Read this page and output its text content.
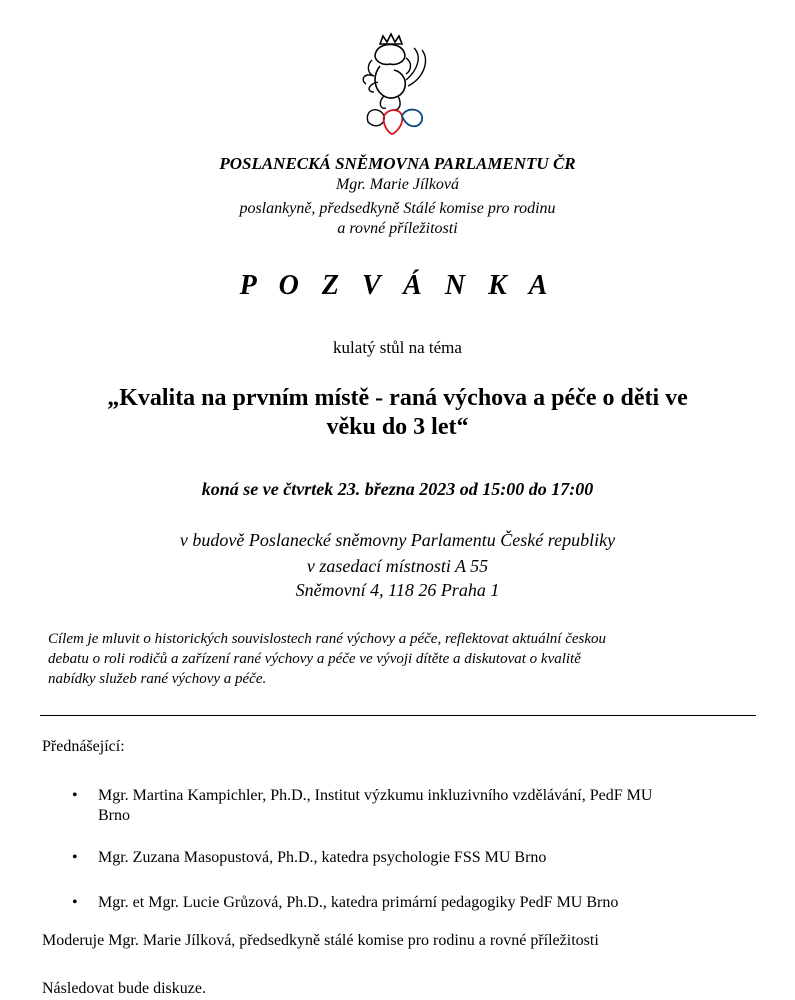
POSLANECKÁ SNĚMOVNA PARLAMENTU ČR
Mgr. Marie Jílková
poslankyně, předsedkyně Stálé komise pro rodinu
a rovné příležitosti
P O Z V Á N K A
kulatý stůl na téma
„Kvalita na prvním místě - raná výchova a péče o děti ve
věku do 3 let“
koná se ve čtvrtek 23. března 2023 od 15:00 do 17:00
v budově Poslanecké sněmovny Parlamentu České republiky
v zasedací místnosti A 55
Sněmovní 4, 118 26 Praha 1
Cílem je mluvit o historických souvislostech rané výchovy a péče, reflektovat aktuální českou
debatu o roli rodičů a zařízení rané výchovy a péče ve vývoji dítěte a diskutovat o kvalitě
nabídky služeb rané výchovy a péče.
Přednášející:
• Mgr. Martina Kampichler, Ph.D., Institut výzkumu inkluzivního vzdělávání, PedF MU
Brno
• Mgr. Zuzana Masopustová, Ph.D., katedra psychologie FSS MU Brno
• Mgr. et Mgr. Lucie Grůzová, Ph.D., katedra primární pedagogiky PedF MU Brno
Moderuje Mgr. Marie Jílková, předsedkyně stálé komise pro rodinu a rovné příležitosti
Následovat bude diskuze.
